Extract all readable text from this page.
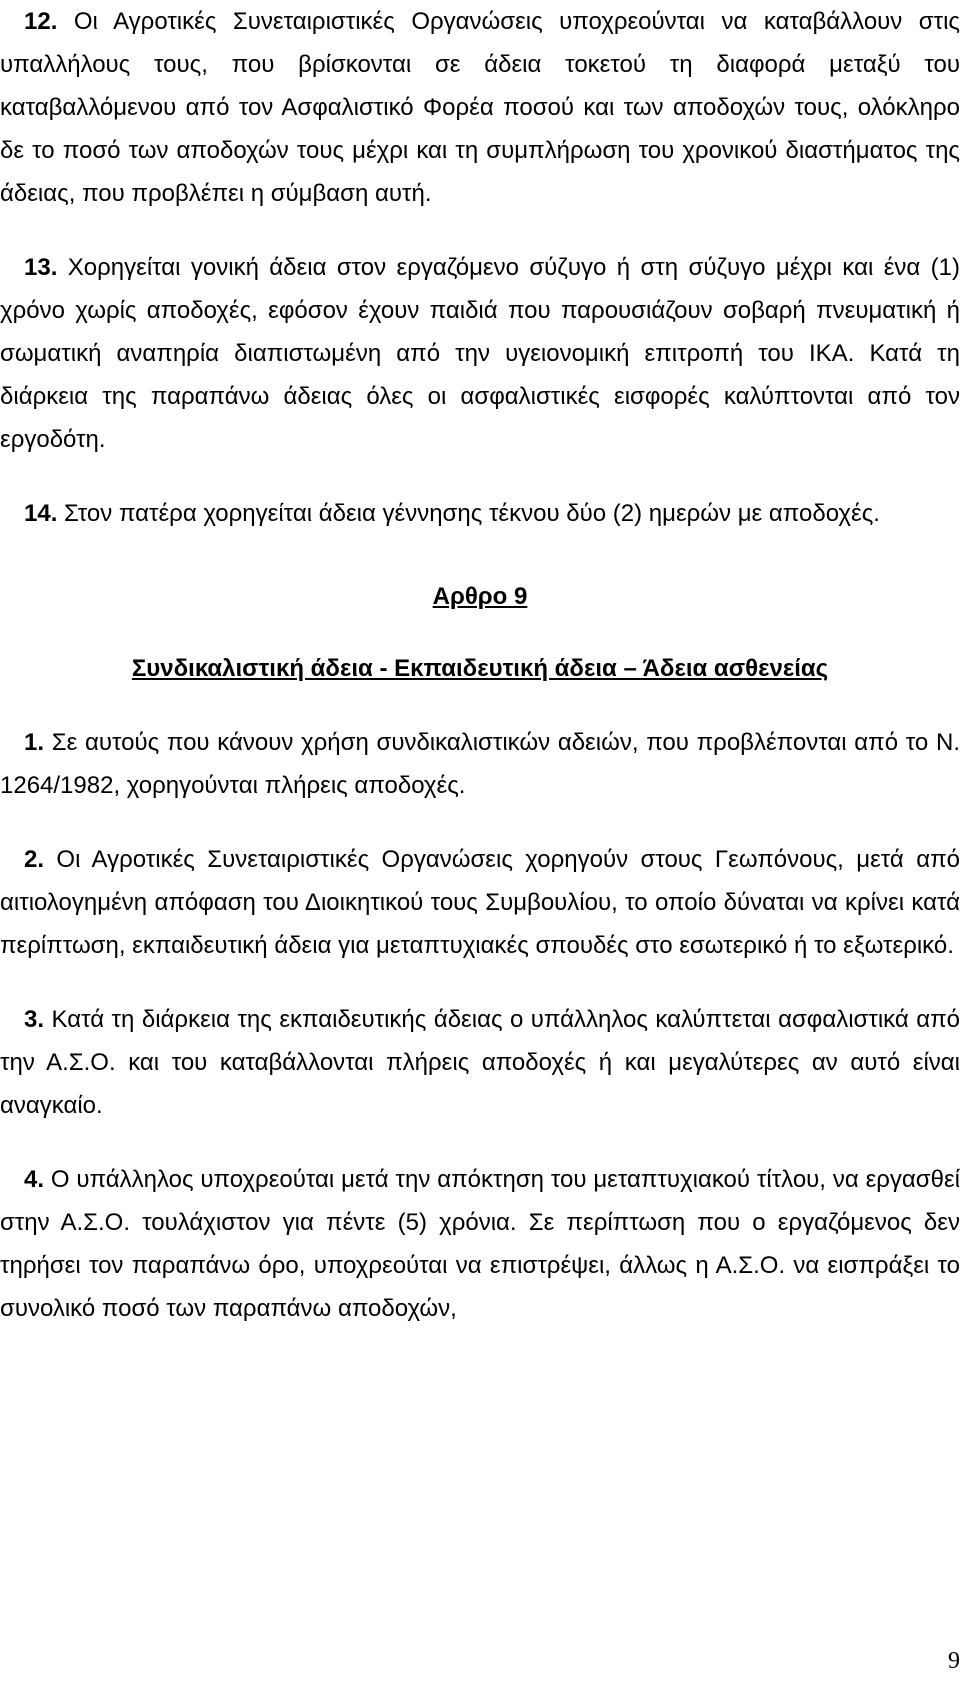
12. Οι Αγροτικές Συνεταιριστικές Οργανώσεις υποχρεούνται να καταβάλλουν στις υπαλλήλους τους, που βρίσκονται σε άδεια τοκετού τη διαφορά μεταξύ του καταβαλλόμενου από τον Ασφαλιστικό Φορέα ποσού και των αποδοχών τους, ολόκληρο δε το ποσό των αποδοχών τους μέχρι και τη συμπλήρωση του χρονικού διαστήματος της άδειας, που προβλέπει η σύμβαση αυτή.

13. Χορηγείται γονική άδεια στον εργαζόμενο σύζυγο ή στη σύζυγο μέχρι και ένα (1) χρόνο χωρίς αποδοχές, εφόσον έχουν παιδιά που παρουσιάζουν σοβαρή πνευματική ή σωματική αναπηρία διαπιστωμένη από την υγειονομική επιτροπή του ΙΚΑ. Κατά τη διάρκεια της παραπάνω άδειας όλες οι ασφαλιστικές εισφορές καλύπτονται από τον εργοδότη.

14. Στον πατέρα χορηγείται άδεια γέννησης τέκνου δύο (2) ημερών με αποδοχές.

Αρθρο 9

Συνδικαλιστική άδεια - Εκπαιδευτική άδεια – Άδεια ασθενείας

1. Σε αυτούς που κάνουν χρήση συνδικαλιστικών αδειών, που προβλέπονται από το Ν. 1264/1982, χορηγούνται πλήρεις αποδοχές.

2. Οι Αγροτικές Συνεταιριστικές Οργανώσεις χορηγούν στους Γεωπόνους, μετά από αιτιολογημένη απόφαση του Διοικητικού τους Συμβουλίου, το οποίο δύναται να κρίνει κατά περίπτωση, εκπαιδευτική άδεια για μεταπτυχιακές σπουδές στο εσωτερικό ή το εξωτερικό.

3. Κατά τη διάρκεια της εκπαιδευτικής άδειας ο υπάλληλος καλύπτεται ασφαλιστικά από την Α.Σ.Ο. και του καταβάλλονται πλήρεις αποδοχές ή και μεγαλύτερες αν αυτό είναι αναγκαίο.

4. Ο υπάλληλος υποχρεούται μετά την απόκτηση του μεταπτυχιακού τίτλου, να εργασθεί στην Α.Σ.Ο. τουλάχιστον για πέντε (5) χρόνια. Σε περίπτωση που ο εργαζόμενος δεν τηρήσει τον παραπάνω όρο, υποχρεούται να επιστρέψει, άλλως η Α.Σ.Ο. να εισπράξει το συνολικό ποσό των παραπάνω αποδοχών,

9
